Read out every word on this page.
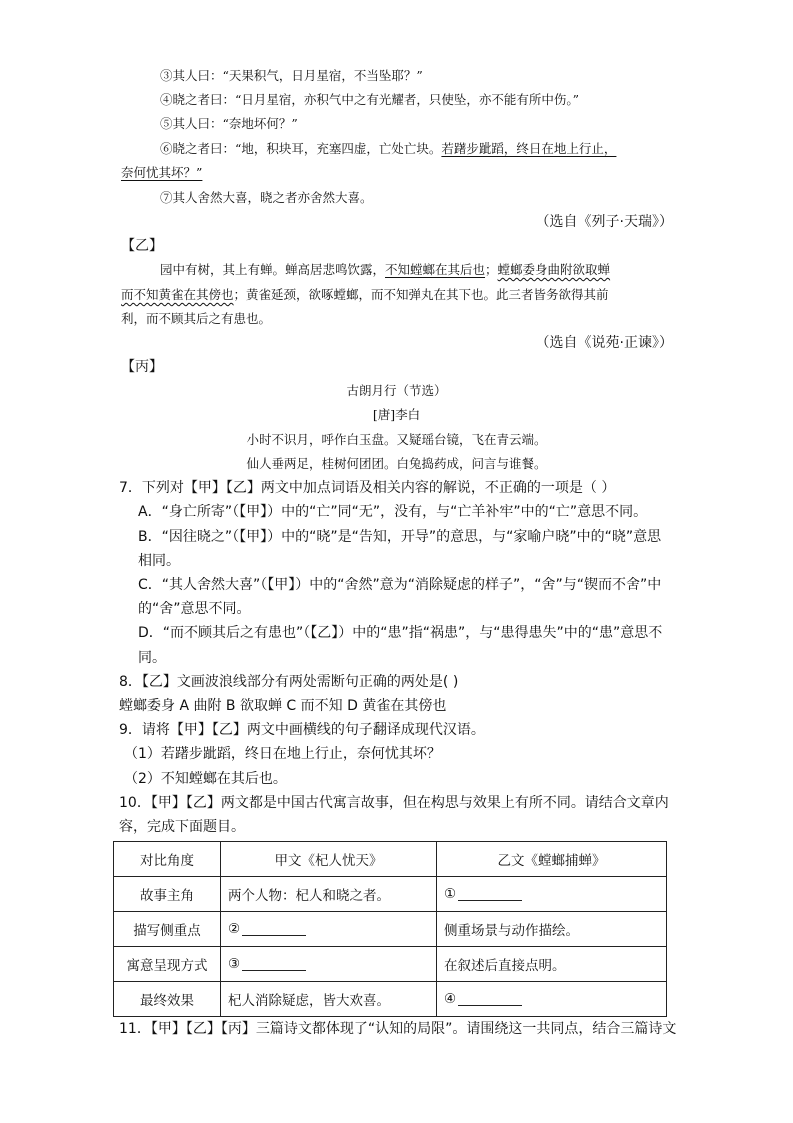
③其人曰：“天果积气，日月星宿，不当坠耶？”
④晓之者曰：“日月星宿，亦积气中之有光耀者，只使坠，亦不能有所中伤。”
⑤其人曰：“奈地坏何？”
⑥晓之者曰：“地，积块耳，充塞四虚，亡处亡块。若躇步跐蹈，终日在地上行止，
奈何忧其坏？”
⑦其人舍然大喜，晓之者亦舍然大喜。
（选自《列子·天瑞》）
【乙】
园中有树，其上有蝉。蝉高居悲鸣饮露，不知螳螂在其后也；螳螂委身曲附欲取蝉
而不知黄雀在其傍也；黄雀延颈，欲啄螳螂，而不知弹丸在其下也。此三者皆务欲得其前
利，而不顾其后之有患也。
（选自《说苑·正谏》）
【丙】
古朗月行（节选）
[唐]李白
小时不识月，呼作白玉盘。又疑瑶台镜，飞在青云端。
仙人垂两足，桂树何团团。白兔捣药成，问言与谁餐。
7．下列对【甲】【乙】两文中加点词语及相关内容的解说，不正确的一项是（ ）
A．“身亡所寄”（【甲】）中的“亡”同“无”，没有，与“亡羊补牢”中的“亡”意思不同。
B．“因往晓之”（【甲】）中的“晓”是“告知，开导”的意思，与“家喻户晓”中的“晓”意思
相同。
C．“其人舍然大喜”（【甲】）中的“舍然”意为“消除疑虑的样子”，“舍”与“锲而不舍”中
的“舍”意思不同。
D．“而不顾其后之有患也”（【乙】）中的“患”指“祸患”，与“患得患失”中的“患”意思不
同。
8．【乙】文画波浪线部分有两处需断句正确的两处是( )
螳螂委身 A 曲附 B 欲取蝉 C 而不知 D 黄雀在其傍也
9．请将【甲】【乙】两文中画横线的句子翻译成现代汉语。
（1）若躇步跐蹈，终日在地上行止，奈何忧其坏？
（2）不知螳螂在其后也。
10．【甲】【乙】两文都是中国古代寓言故事，但在构思与效果上有所不同。请结合文章内
容，完成下面题目。
对比角度	甲文《杞人忧天》	乙文《螳螂捕蝉》
故事主角	两个人物：杞人和晓之者。	①
描写侧重点	②	侧重场景与动作描绘。
寓意呈现方式	③	在叙述后直接点明。
最终效果	杞人消除疑虑，皆大欢喜。	④
11．【甲】【乙】【丙】三篇诗文都体现了“认知的局限”。请围绕这一共同点，结合三篇诗文
